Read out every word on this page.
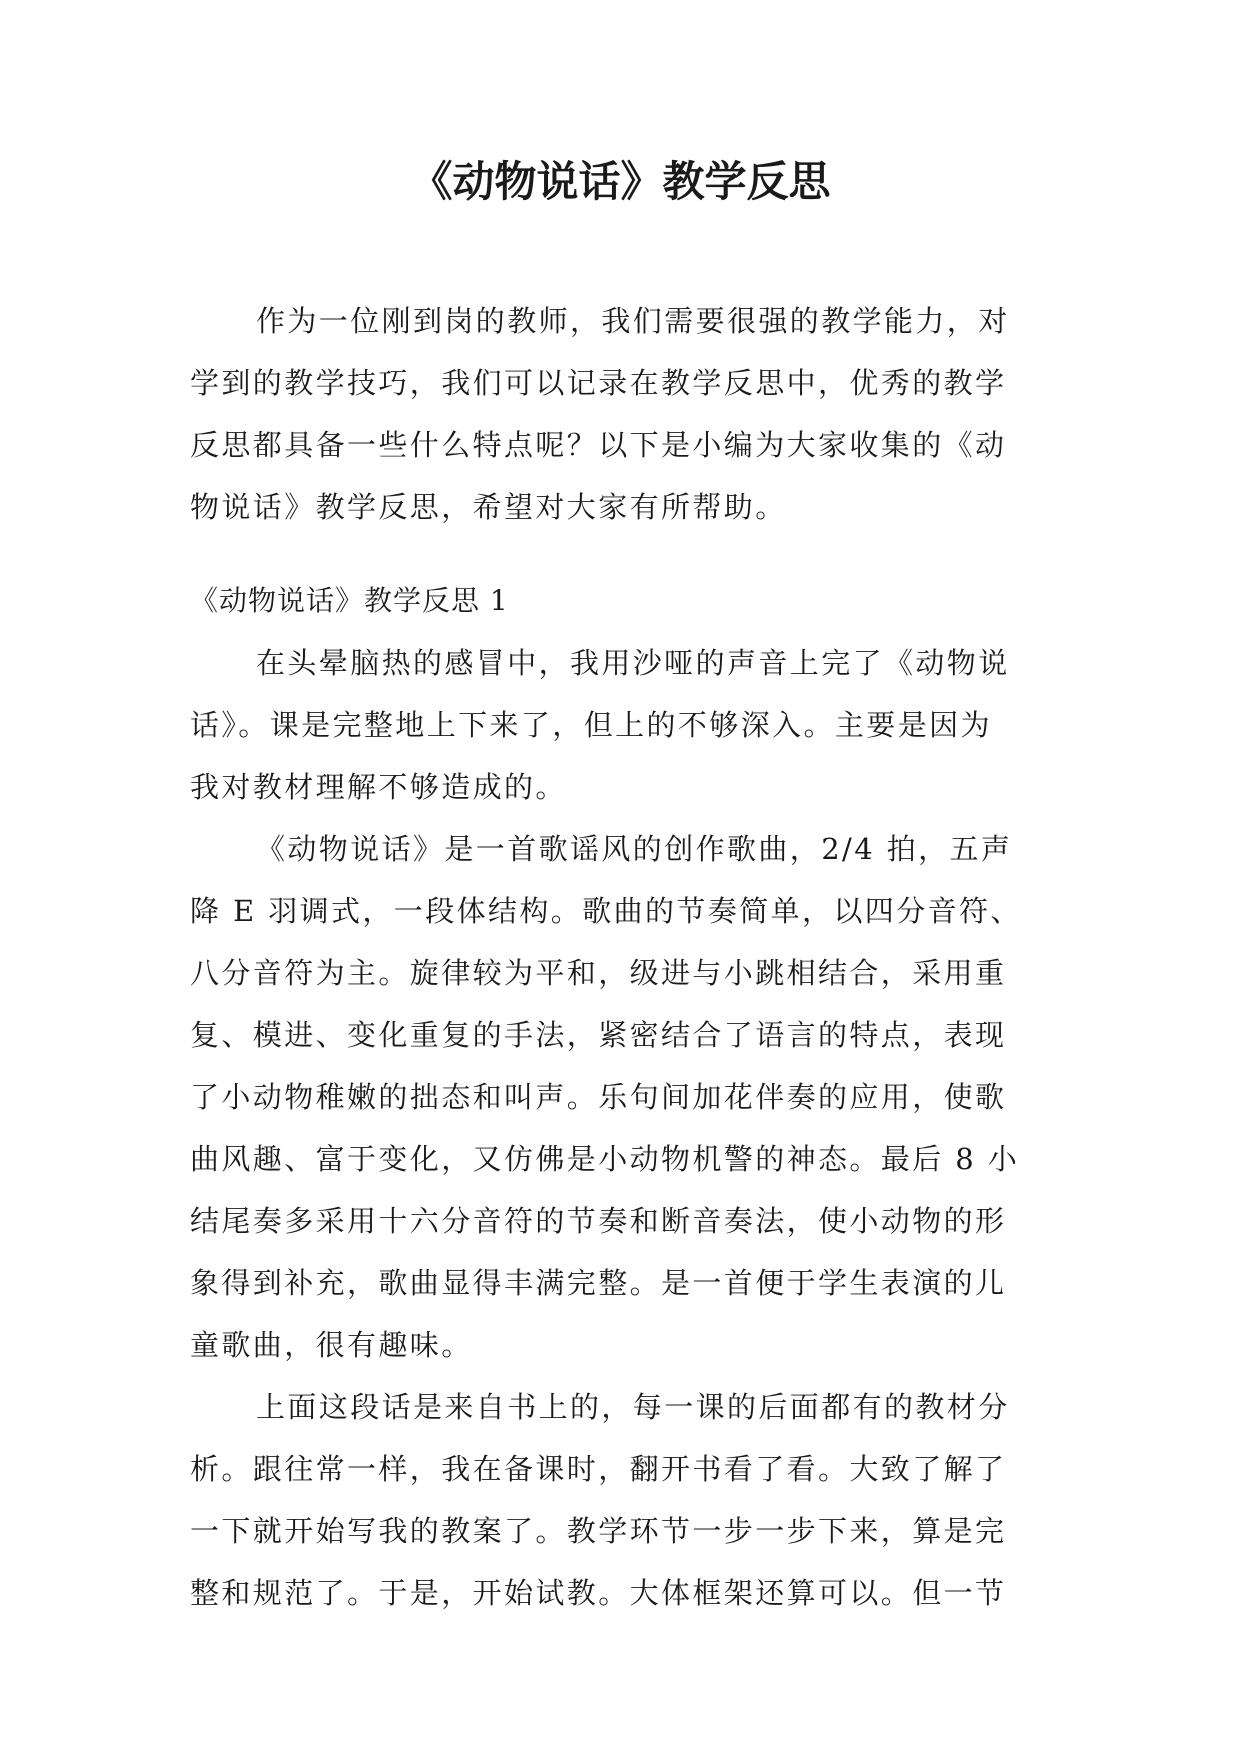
《动物说话》教学反思
作为一位刚到岗的教师，我们需要很强的教学能力，对
学到的教学技巧，我们可以记录在教学反思中，优秀的教学
反思都具备一些什么特点呢？以下是小编为大家收集的《动
物说话》教学反思，希望对大家有所帮助。
《动物说话》教学反思 1
在头晕脑热的感冒中，我用沙哑的声音上完了《动物说
话》。课是完整地上下来了，但上的不够深入。主要是因为
我对教材理解不够造成的。
《动物说话》是一首歌谣风的创作歌曲，2/4 拍，五声
降 E 羽调式，一段体结构。歌曲的节奏简单，以四分音符、
八分音符为主。旋律较为平和，级进与小跳相结合，采用重
复、模进、变化重复的手法，紧密结合了语言的特点，表现
了小动物稚嫩的拙态和叫声。乐句间加花伴奏的应用，使歌
曲风趣、富于变化，又仿佛是小动物机警的神态。最后 8 小
结尾奏多采用十六分音符的节奏和断音奏法，使小动物的形
象得到补充，歌曲显得丰满完整。是一首便于学生表演的儿
童歌曲，很有趣味。
上面这段话是来自书上的，每一课的后面都有的教材分
析。跟往常一样，我在备课时，翻开书看了看。大致了解了
一下就开始写我的教案了。教学环节一步一步下来，算是完
整和规范了。于是，开始试教。大体框架还算可以。但一节
